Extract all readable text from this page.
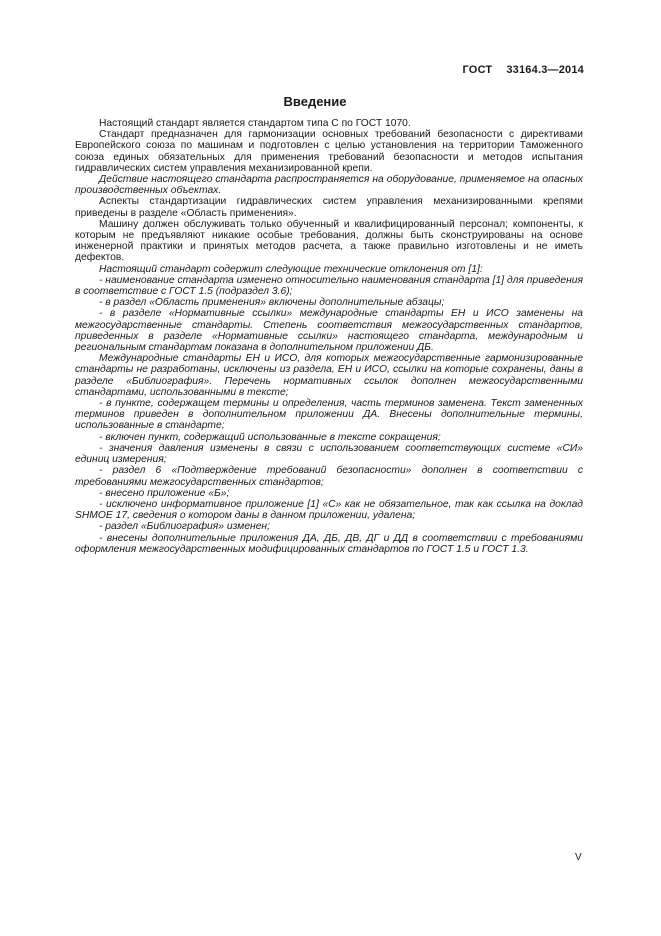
ГОСТ 33164.3—2014
Введение
Настоящий стандарт является стандартом типа С по ГОСТ 1070.
Стандарт предназначен для гармонизации основных требований безопасности с директивами Европейского союза по машинам и подготовлен с целью установления на территории Таможенного союза единых обязательных для применения требований безопасности и методов испытания гидравлических систем управления механизированной крепи.
Действие настоящего стандарта распространяется на оборудование, применяемое на опасных производственных объектах.
Аспекты стандартизации гидравлических систем управления механизированными крепями приведены в разделе «Область применения».
Машину должен обслуживать только обученный и квалифицированный персонал; компоненты, к которым не предъявляют никакие особые требования, должны быть сконструированы на основе инженерной практики и принятых методов расчета, а также правильно изготовлены и не иметь дефектов.
Настоящий стандарт содержит следующие технические отклонения от [1]:
- наименование стандарта изменено относительно наименования стандарта [1] для приведения в соответствие с ГОСТ 1.5 (подраздел 3.6);
- в раздел «Область применения» включены дополнительные абзацы;
- в разделе «Нормативные ссылки» международные стандарты ЕН и ИСО заменены на межгосударственные стандарты. Степень соответствия межгосударственных стандартов, приведенных в разделе «Нормативные ссылки» настоящего стандарта, международным и региональным стандартам показана в дополнительном приложении ДБ.
Международные стандарты ЕН и ИСО, для которых межгосударственные гармонизированные стандарты не разработаны, исключены из раздела, ЕН и ИСО, ссылки на которые сохранены, даны в разделе «Библиография». Перечень нормативных ссылок дополнен межгосударственными стандартами, использованными в тексте;
- в пункте, содержащем термины и определения, часть терминов заменена. Текст замененных терминов приведен в дополнительном приложении ДА. Внесены дополнительные термины, использованные в стандарте;
- включен пункт, содержащий использованные в тексте сокращения;
- значения давления изменены в связи с использованием соответствующих системе «СИ» единиц измерения;
- раздел 6 «Подтверждение требований безопасности» дополнен в соответствии с требованиями межгосударственных стандартов;
- внесено приложение «Б»;
- исключено информативное приложение [1] «С» как не обязательное, так как ссылка на доклад SHMOE 17, сведения о котором даны в данном приложении, удалена;
- раздел «Библиография» изменен;
- внесены дополнительные приложения ДА, ДБ, ДВ, ДГ и ДД в соответствии с требованиями оформления межгосударственных модифицированных стандартов по ГОСТ 1.5 и ГОСТ 1.3.
V
